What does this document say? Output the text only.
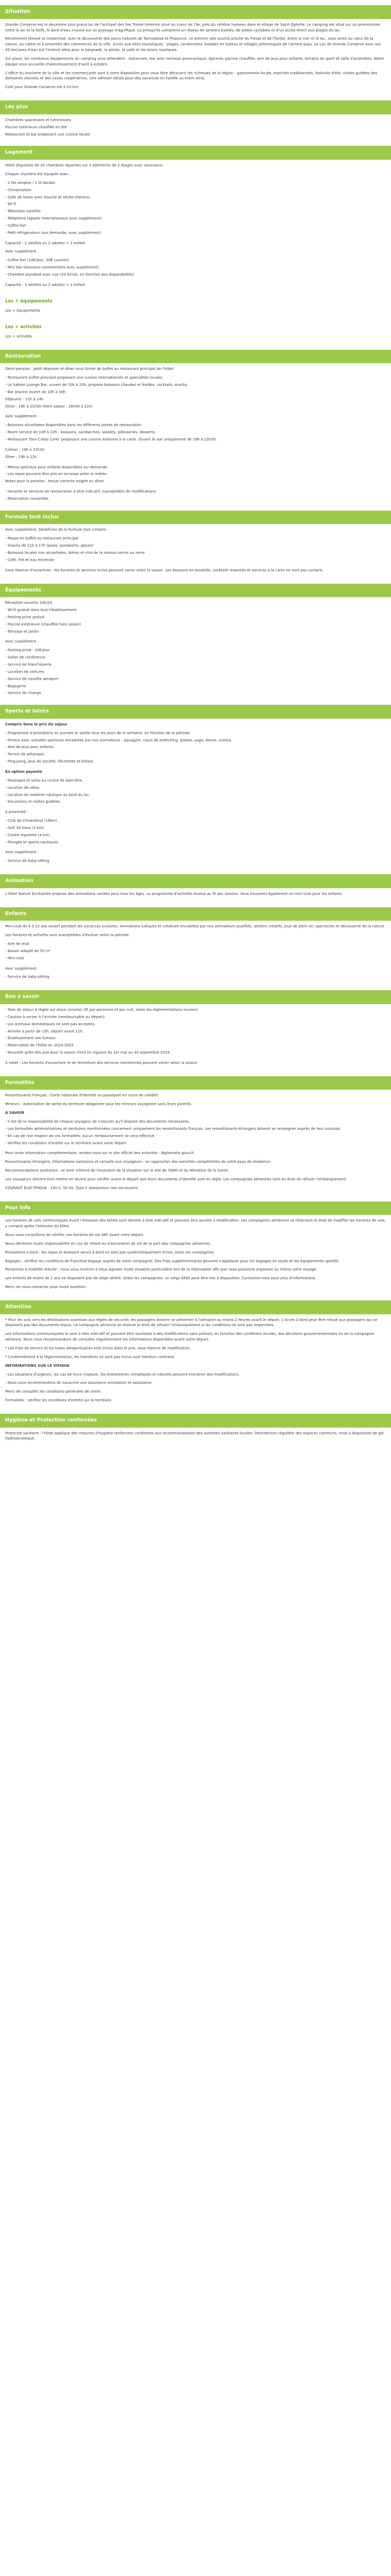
Situation

Grande Conserve est le deuxième plus grand lac de l'archipel des îles Triolet-Sérénité situé au coeur de l'île, près du célèbre hameau dans le village de Saint-Ophélie. Le camping est situé sur un promontoire entre le lac et la forêt, le bord d'eau s'ouvre sur un paysage magnifique. La presqu'île comprend un réseau de sentiers balisés, de pistes cyclables et d'un accès direct aux plages du lac.

Récemment rénové et modernisé, avec le découverte des parcs naturels de Tannadaise et Plaisance, ce premier site soumis proche du Fonds et de l'herbe. Entre la mer et le lac, vous serez au cœur de la nature, au calme et à proximité des commerces de la ville. Accès aux sites touristiques : plages, randonnées, balades en bateau et villages pittoresques de l'arrière-pays. Le Lac de Grande Conserve avec ses 45 hectares d'eau est l'endroit idéal pour la baignade, la pêche, la voile et les loisirs nautiques.

Sur place, les nombreux équipements du camping vous attendent : restaurant, bar avec terrasse panoramique, épicerie, piscine chauffée, aire de jeux pour enfants, terrains de sport et salle d'animation. Notre équipe vous accueille chaleureusement d'avril à octobre.

L'office du tourisme de la ville et les commerçants sont à votre disposition pour vous faire découvrir les richesses de la région : gastronomie locale, marchés traditionnels, festivals d'été, visites guidées des domaines viticoles et des caves coopératives. Une adresse idéale pour des vacances en famille ou entre amis.

Coût pour Grande Conserve est à 10 km.

Les plus
Chambres spacieuses et lumineuses
Piscine extérieure chauffée en été
Restaurant et bar proposant une cuisine locale
Logement

Hôtel disposant de 35 chambres réparties sur 3 bâtiments de 2 étages avec ascenseur.

Chaque chambre est équipée avec :

- 2 lits simples / 1 lit double
- Climatisation
- Salle de bains avec douche et sèche-cheveux
- Wi-Fi
- Télévision satellite
- Téléphone (appels internationaux avec supplément)
- Coffre-fort
- Petit réfrigérateur (sur demande, avec supplément)

Capacité : 2 adultes ou 2 adultes + 1 enfant

Avec supplément :

- Coffre-fort (10€/jour, 50€ caution)
- Mini bar (boissons consommées avec supplément)
- Chambre standard avec vue (20 €/nuit, en fonction des disponibilités)

Capacité : 3 adultes ou 2 adultes + 1 enfant

Les + équipements

Les + équipements

Les + activités

Les + activités

Restauration

Demi-pension : petit déjeuner et dîner sous forme de buffet au restaurant principal de l'hôtel.

- Restaurant buffet principal proposant une cuisine internationale et spécialités locales.
- Le Sabine Lounge Bar, ouvert de 10h à 23h, propose boissons chaudes et froides, cocktails, snacks.
- Bar piscine ouvert de 10h à 18h.
Déjeuner : 12h à 14h
Dîner : 19h à 21h30 (Hors saison : 18h30 à 21h)

Avec supplément :

- Boissons alcoolisées disponibles dans les différents points de restauration
- Room service de 10h à 22h : boissons, sandwiches, salades, pâtisseries, desserts.
- Restaurant 'Don Cristo Carlo' proposant une cuisine italienne à la carte. Ouvert le soir uniquement de 19h à 22h30.
Coliner : 19h à 21h30
Dîner : 19h à 22h
- Menus spéciaux pour enfants disponibles sur demande.
- Les repas peuvent être pris en terrasse selon la météo.
Notes pour la pension : tenue correcte exigée au dîner.
- Horaires et services de restauration à titre indicatif, susceptibles de modifications.
- Réservation conseillée.
Formule tout inclus

Avec supplément, bénéficiez de la formule tout compris :

- Repas en buffet au restaurant principal
- Snacks de 11h à 17h (pizza, sandwichs, glaces)
- Boissons locales non alcoolisées, bières et vins de la maison servis au verre
- Café, thé et eau minérale

Sous réserve d'ouverture : les horaires et services inclus peuvent varier selon la saison. Les boissons en bouteille, cocktails importés et services à la carte ne sont pas compris.

Équipements
Réception ouverte 24h/24
- Wi-Fi gratuit dans tout l'établissement
- Parking privé gratuit
- Piscine extérieure (chauffée hors saison)
- Terrasse et jardin

Avec supplément :

- Parking privé : 10€/jour
- Salles de conférence
- Service de blanchisserie
- Location de voitures
- Service de navette aéroport
- Bagagerie
- Service de change
Sports et loisirs

Compris dans le prix du séjour

- Programme d'animations en journée et soirée tous les jours de la semaine, en fonction de la période.
- Fitness avec activités sportives encadrées par nos animateurs : aquagym, cours de stretching, pilates, yoga, danse, zumba.
- Aire de jeux pour enfants.
- Terrain de pétanque.
- Ping-pong, jeux de société, fléchettes et billard.

En option payante

- Massages et soins au centre de bien-être.
- Location de vélos.
- Location de matériel nautique au bord du lac.
- Excursions et visites guidées.

À proximité :

- Club de Cholestérol (15km)
- Golf 18 trous (2 km)
- Centre équestre (4 km)
- Plongée et sports nautiques

Avec supplément :

- Service de baby-sitting

Animation

L'hôtel Nature Enchantée propose des animations variées pour tous les âges. Le programme d'activités évolue au fil des saisons. Vous trouverez également un mini-club pour les enfants.

Enfants

Mini-club de 4 à 12 ans ouvert pendant les vacances scolaires. Animations ludiques et créatives encadrées par nos animateurs qualifiés, ateliers créatifs, jeux de plein air, spectacles et découverte de la nature.

Les horaires et activités sont susceptibles d'évoluer selon la période.

- Aire de jeux
- Bassin adapté de 50 m²
- Mini-club

Avec supplément :

- Service de baby-sitting

Bon à savoir
- Taxe de séjour à régler sur place (environ 2€ par personne et par nuit, selon les règlementations locales).
- Caution à verser à l'arrivée (remboursable au départ).
- Les animaux domestiques ne sont pas acceptés.
- Arrivée à partir de 15h, départ avant 11h.
- Établissement non-fumeur.
- Réservation de l'hôtel en 2024-2025.
- Nouvelle grille des prix pour la saison 2024 en vigueur du 1er mai au 30 septembre 2024.

À noter : Les horaires d'ouverture et de fermeture des services mentionnés peuvent varier selon la saison.

Formalités

Ressortissants français : Carte nationale d'identité ou passeport en cours de validité.

Mineurs : autorisation de sortie du territoire obligatoire pour les mineurs voyageant sans leurs parents.

À SAVOIR

- Il est de la responsabilité de chaque voyageur de s'assurer qu'il dispose des documents nécessaires.
- Les formalités administratives et sanitaires mentionnées concernent uniquement les ressortissants français. Les ressortissants étrangers doivent se renseigner auprès de leur consulat.
- En cas de non-respect de ces formalités, aucun remboursement ne sera effectué.
- Vérifiez les conditions d'entrée sur le territoire avant votre départ.

Pour toute information complémentaire, rendez-vous sur le site officiel des autorités : diplomatie.gouv.fr

Ressortissants étrangers, informations sanitaires et conseils aux voyageurs : se rapprocher des autorités compétentes de votre pays de résidence.

Recommandations sanitaires : se tenir informé de l'évolution de la situation sur le site de l'OMS et du Ministère de la Santé.

Les voyageurs doivent tout mettre en œuvre pour vérifier avant le départ que leurs documents d'identité sont en règle. Les compagnies aériennes sont en droit de refuser l'embarquement.

COURANT ÉLECTRIQUE : 230 V, 50 Hz. Type F. Adaptateur non nécessaire.

Pour info

Les horaires de vols communiqués avant l'émission des billets sont donnés à titre indicatif et peuvent être soumis à modification. Les compagnies aériennes se réservent le droit de modifier les horaires de vols, y compris après l'émission du billet.

Nous vous conseillons de vérifier vos horaires de vol 48h avant votre départ.

Nous déclinons toute responsabilité en cas de retard ou d'annulation de vol de la part des compagnies aériennes.

Prestations à bord : les repas et boissons servis à bord ne sont pas systématiquement inclus, selon les compagnies.

Bagages : vérifiez les conditions de franchise bagage auprès de votre compagnie. Des frais supplémentaires peuvent s'appliquer pour les bagages en soute et les équipements sportifs.

Personnes à mobilité réduite : nous vous invitons à nous signaler toute situation particulière lors de la réservation afin que nous puissions organiser au mieux votre voyage.

Les enfants de moins de 2 ans ne disposent pas de siège attitré. Selon les compagnies, un siège bébé peut être mis à disposition. Contactez-nous pour plus d'informations.

Merci de nous contacter pour toute question.

Attention

* Pour les vols vers les destinations soumises aux règles de sécurité, les passagers doivent se présenter à l'aéroport au moins 2 heures avant le départ. L'accès à bord peut être refusé aux passagers qui ne disposent pas des documents requis. La compagnie aérienne se réserve le droit de refuser l'embarquement si les conditions ne sont pas respectées.

Les informations communiquées le sont à titre indicatif et peuvent être soumises à des modifications sans préavis, en fonction des conditions locales, des décisions gouvernementales ou de la compagnie aérienne. Nous vous recommandons de consulter régulièrement les informations disponibles avant votre départ.

* Les frais de service et les taxes aéroportuaires sont inclus dans le prix, sous réserve de modification.

* Conformément à la réglementation, les transferts ne sont pas inclus sauf mention contraire.

INFORMATIONS SUR LE VOYAGE

- Les situations d'urgence, les cas de force majeure, les évènements climatiques et naturels peuvent entraîner des modifications.

- Nous vous recommandons de souscrire une assurance annulation et assistance.

Merci de consulter les conditions générales de vente.

Formalités : vérifiez les conditions d'entrée sur le territoire.

Hygiène et Protection renforcées

Protocole sanitaire : l'hôtel applique des mesures d'hygiène renforcées conformes aux recommandations des autorités sanitaires locales. Désinfection régulière des espaces communs, mise à disposition de gel hydroalcoolique.
